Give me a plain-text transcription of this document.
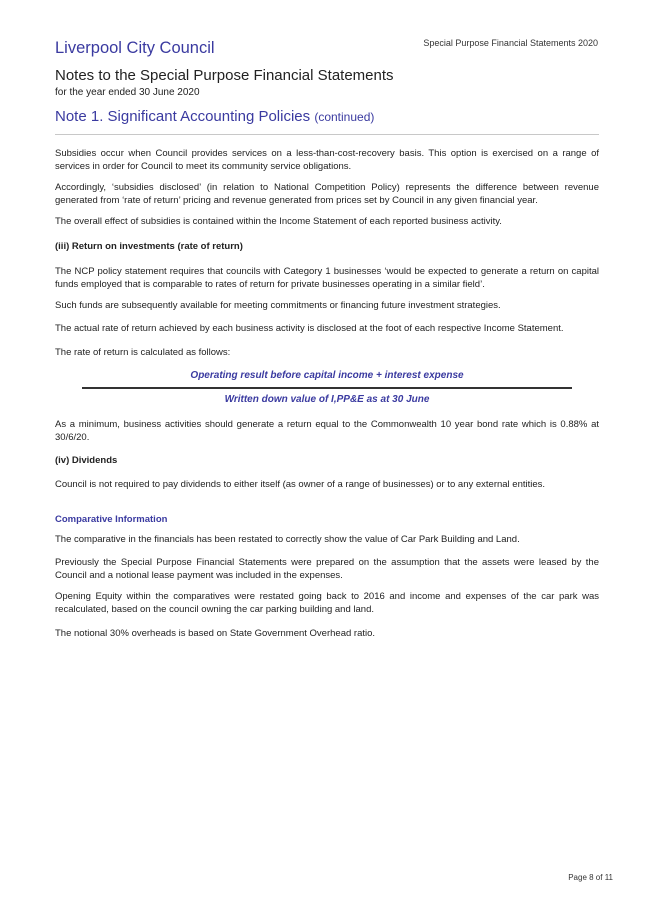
Special Purpose Financial Statements 2020
Liverpool City Council
Notes to the Special Purpose Financial Statements
for the year ended 30 June 2020
Note 1. Significant Accounting Policies (continued)
Subsidies occur when Council provides services on a less-than-cost-recovery basis. This option is exercised on a range of services in order for Council to meet its community service obligations.
Accordingly, ‘subsidies disclosed’ (in relation to National Competition Policy) represents the difference between revenue generated from ‘rate of return’ pricing and revenue generated from prices set by Council in any given financial year.
The overall effect of subsidies is contained within the Income Statement of each reported business activity.
(iii) Return on investments (rate of return)
The NCP policy statement requires that councils with Category 1 businesses ‘would be expected to generate a return on capital funds employed that is comparable to rates of return for private businesses operating in a similar field’.
Such funds are subsequently available for meeting commitments or financing future investment strategies.
The actual rate of return achieved by each business activity is disclosed at the foot of each respective Income Statement.
The rate of return is calculated as follows:
Operating result before capital income + interest expense
Written down value of I,PP&E as at 30 June
As a minimum, business activities should generate a return equal to the Commonwealth 10 year bond rate which is 0.88% at 30/6/20.
(iv) Dividends
Council is not required to pay dividends to either itself (as owner of a range of businesses) or to any external entities.
Comparative Information
The comparative in the financials has been restated to correctly show the value of Car Park Building and Land.
Previously the Special Purpose Financial Statements were prepared on the assumption that the assets were leased by the Council and a notional lease payment was included in the expenses.
Opening Equity within the comparatives were restated going back to 2016 and income and expenses of the car park was recalculated, based on the council owning the car parking building and land.
The notional 30% overheads is based on State Government Overhead ratio.
Page 8 of 11
